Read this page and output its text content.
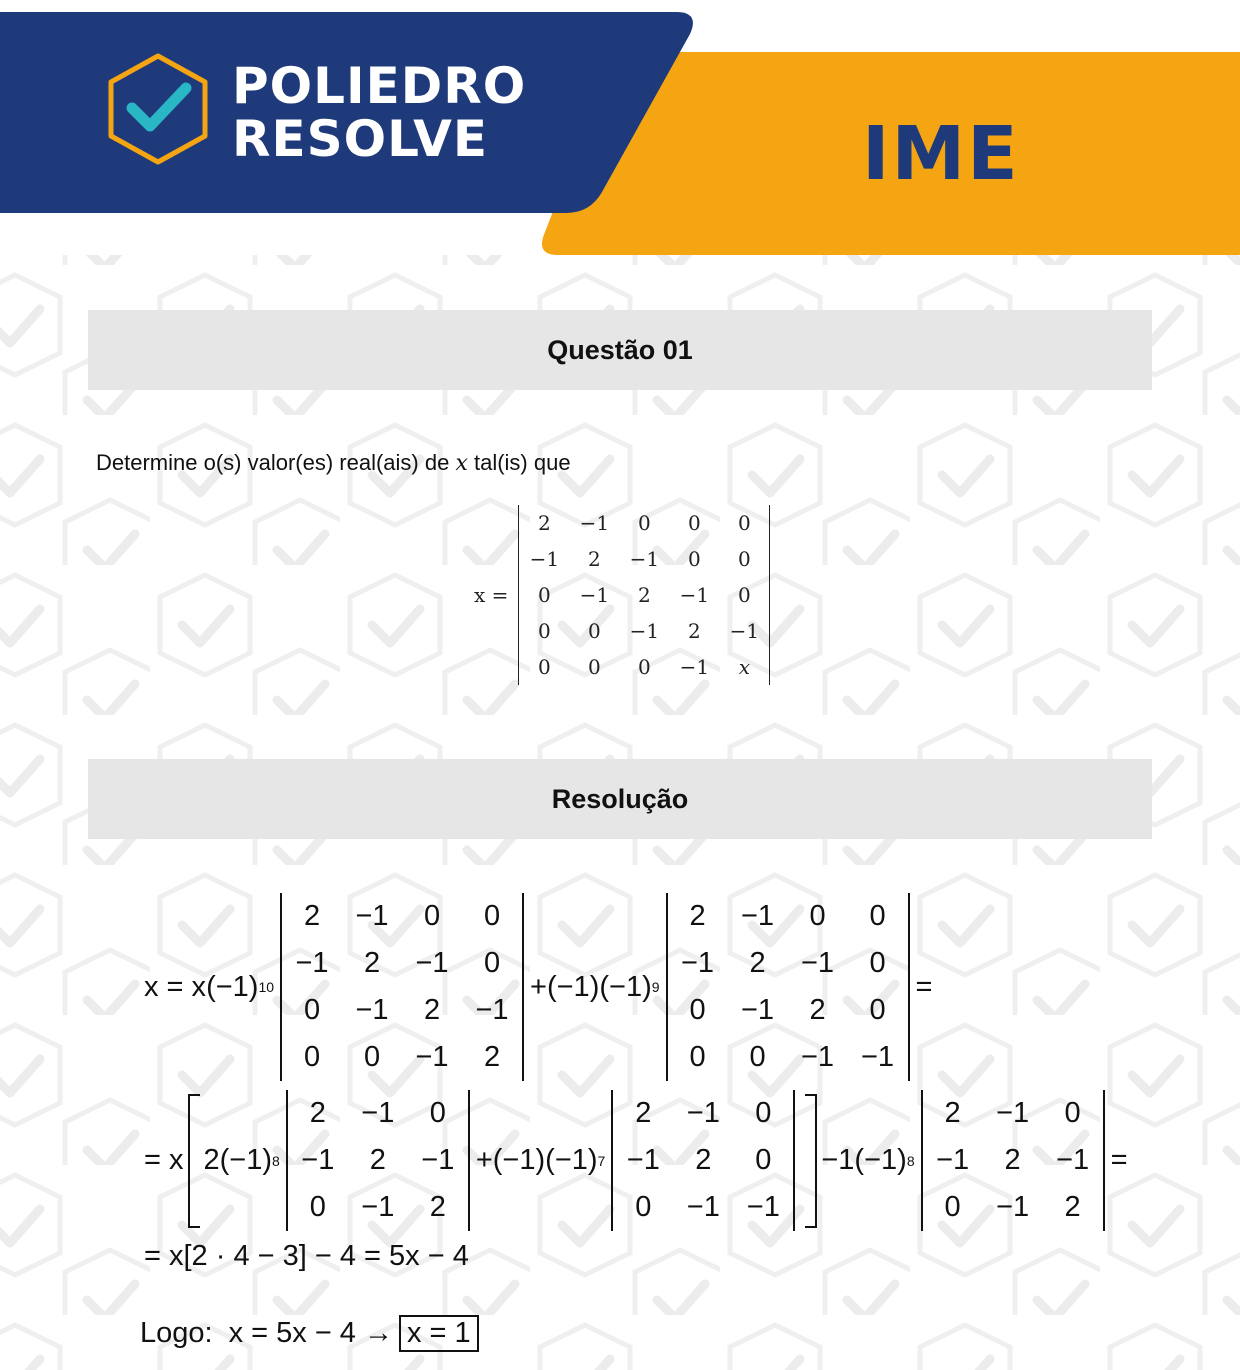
POLIEDRO
RESOLVE	IME
Questão 01
Determine o(s) valor(es) real(ais) de x tal(is) que
x =
2	−1	0	0	0
−1	2	−1	0	0
0	−1	2	−1	0
0	0	−1	2	−1
0	0	0	−1	x
Resolução
x = x (−1) 10
2	−1	0	0
−1	2	−1	0
0	−1	2	−1
0	0	−1	2
+ (−1) (−1) 9
2	−1	0	0
−1	2	−1	0
0	−1	2	0
0	0	−1	−1
=
= x 2 (−1) 8
2	−1	0
−1	2	−1
0	−1	2
+ (−1) (−1) 7
2	−1	0
−1	2	0
0	−1	−1
−1 (−1) 8
2	−1	0
−1	2	−1
0	−1	2
=
= x[2 · 4 − 3] − 4 = 5x − 4
Logo: x = 5x − 4 → x = 1
